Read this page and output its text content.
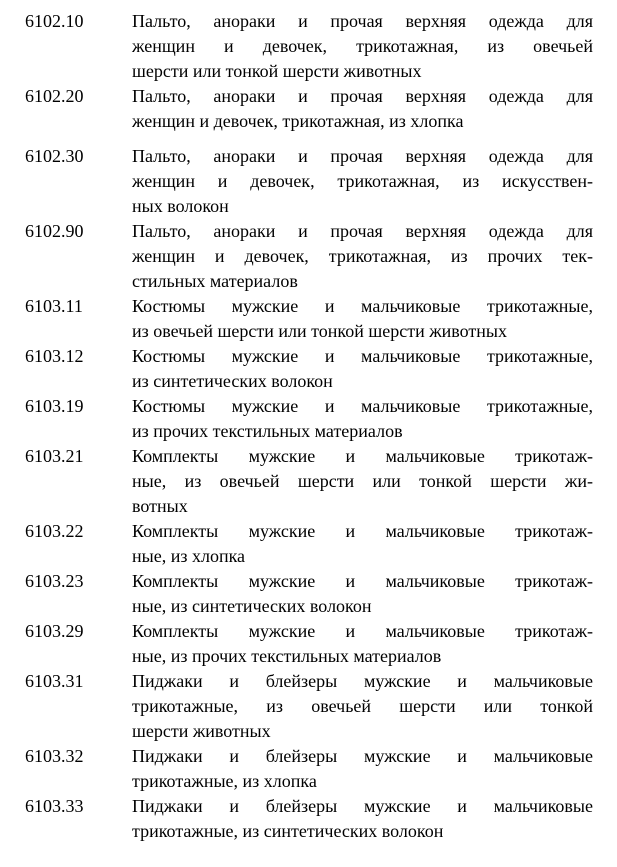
6102.10	Пальто, анораки и прочая верхняя одежда для
женщин и девочек, трикотажная, из овечьей
шерсти или тонкой шерсти животных
6102.20	Пальто, анораки и прочая верхняя одежда для
женщин и девочек, трикотажная, из хлопка
6102.30	Пальто, анораки и прочая верхняя одежда для
женщин и девочек, трикотажная, из искусствен-
ных волокон
6102.90	Пальто, анораки и прочая верхняя одежда для
женщин и девочек, трикотажная, из прочих тек-
стильных материалов
6103.11	Костюмы мужские и мальчиковые трикотажные,
из овечьей шерсти или тонкой шерсти животных
6103.12	Костюмы мужские и мальчиковые трикотажные,
из синтетических волокон
6103.19	Костюмы мужские и мальчиковые трикотажные,
из прочих текстильных материалов
6103.21	Комплекты мужские и мальчиковые трикотаж-
ные, из овечьей шерсти или тонкой шерсти жи-
вотных
6103.22	Комплекты мужские и мальчиковые трикотаж-
ные, из хлопка
6103.23	Комплекты мужские и мальчиковые трикотаж-
ные, из синтетических волокон
6103.29	Комплекты мужские и мальчиковые трикотаж-
ные, из прочих текстильных материалов
6103.31	Пиджаки и блейзеры мужские и мальчиковые
трикотажные, из овечьей шерсти или тонкой
шерсти животных
6103.32	Пиджаки и блейзеры мужские и мальчиковые
трикотажные, из хлопка
6103.33	Пиджаки и блейзеры мужские и мальчиковые
трикотажные, из синтетических волокон
